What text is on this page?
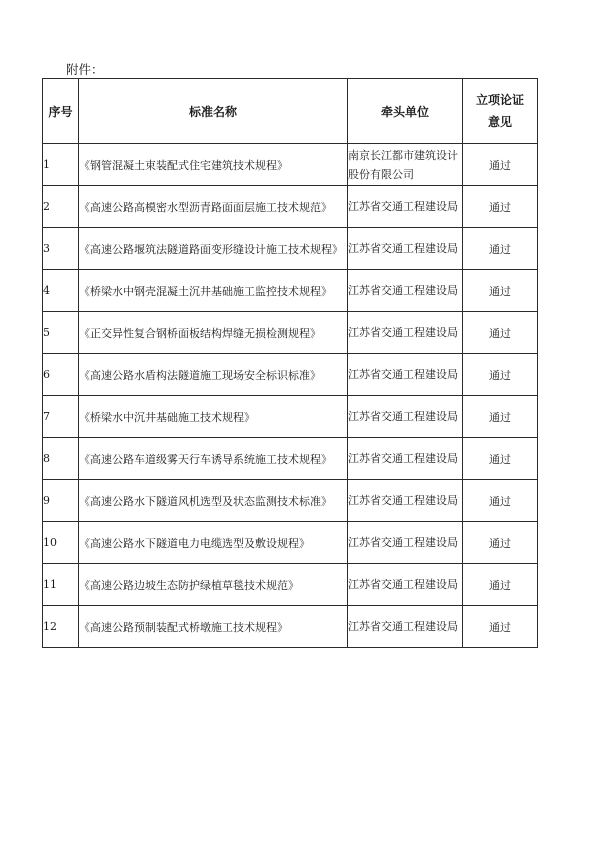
附件：
序号	标准名称	牵头单位	立项论证
意见

1	《钢管混凝土束装配式住宅建筑技术规程》	南京长江都市建筑设计股份有限公司	通过
2	《高速公路高模密水型沥青路面面层施工技术规范》	江苏省交通工程建设局	通过
3	《高速公路堰筑法隧道路面变形缝设计施工技术规程》	江苏省交通工程建设局	通过
4	《桥梁水中钢壳混凝土沉井基础施工监控技术规程》	江苏省交通工程建设局	通过
5	《正交异性复合钢桥面板结构焊缝无损检测规程》	江苏省交通工程建设局	通过
6	《高速公路水盾构法隧道施工现场安全标识标准》	江苏省交通工程建设局	通过
7	《桥梁水中沉井基础施工技术规程》	江苏省交通工程建设局	通过
8	《高速公路车道级雾天行车诱导系统施工技术规程》	江苏省交通工程建设局	通过
9	《高速公路水下隧道风机选型及状态监测技术标准》	江苏省交通工程建设局	通过
10	《高速公路水下隧道电力电缆选型及敷设规程》	江苏省交通工程建设局	通过
11	《高速公路边坡生态防护绿植草毯技术规范》	江苏省交通工程建设局	通过
12	《高速公路预制装配式桥墩施工技术规程》	江苏省交通工程建设局	通过
